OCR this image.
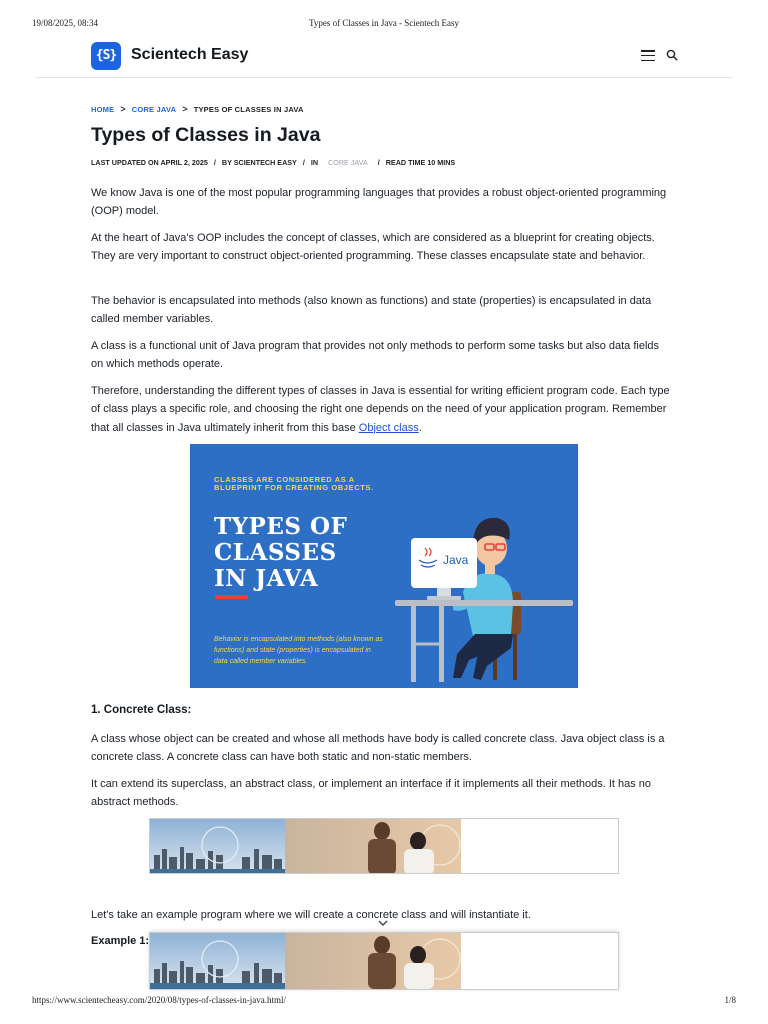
19/08/2025, 08:34	Types of Classes in Java - Scientech Easy
https://www.scientecheasy.com/2020/08/types-of-classes-in-java.html/	1/8
{S} Scientech Easy
HOME > CORE JAVA > TYPES OF CLASSES IN JAVA
Types of Classes in Java
LAST UPDATED ON APRIL 2, 2025 / BY SCIENTECH EASY / IN CORE JAVA / READ TIME 10 MINS

We know Java is one of the most popular programming languages that provides a robust object-oriented programming (OOP) model.

At the heart of Java's OOP includes the concept of classes, which are considered as a blueprint for creating objects. They are very important to construct object-oriented programming. These classes encapsulate state and behavior.

The behavior is encapsulated into methods (also known as functions) and state (properties) is encapsulated in data called member variables.

A class is a functional unit of Java program that provides not only methods to perform some tasks but also data fields on which methods operate.

Therefore, understanding the different types of classes in Java is essential for writing efficient program code. Each type of class plays a specific role, and choosing the right one depends on the need of your application program. Remember that all classes in Java ultimately inherit from this base Object class.

CLASSES ARE CONSIDERED AS A BLUEPRINT FOR CREATING OBJECTS.
TYPES OF
CLASSES
IN JAVA
Behavior is encapsulated into methods (also known as functions) and state (properties) is encapsulated in data called member variables.
Java
1. Concrete Class:

A class whose object can be created and whose all methods have body is called concrete class. Java object class is a concrete class. A concrete class can have both static and non-static members.

It can extend its superclass, an abstract class, or implement an interface if it implements all their methods. It has no abstract methods.

Let's take an example program where we will create a concrete class and will instantiate it.

Example 1:
